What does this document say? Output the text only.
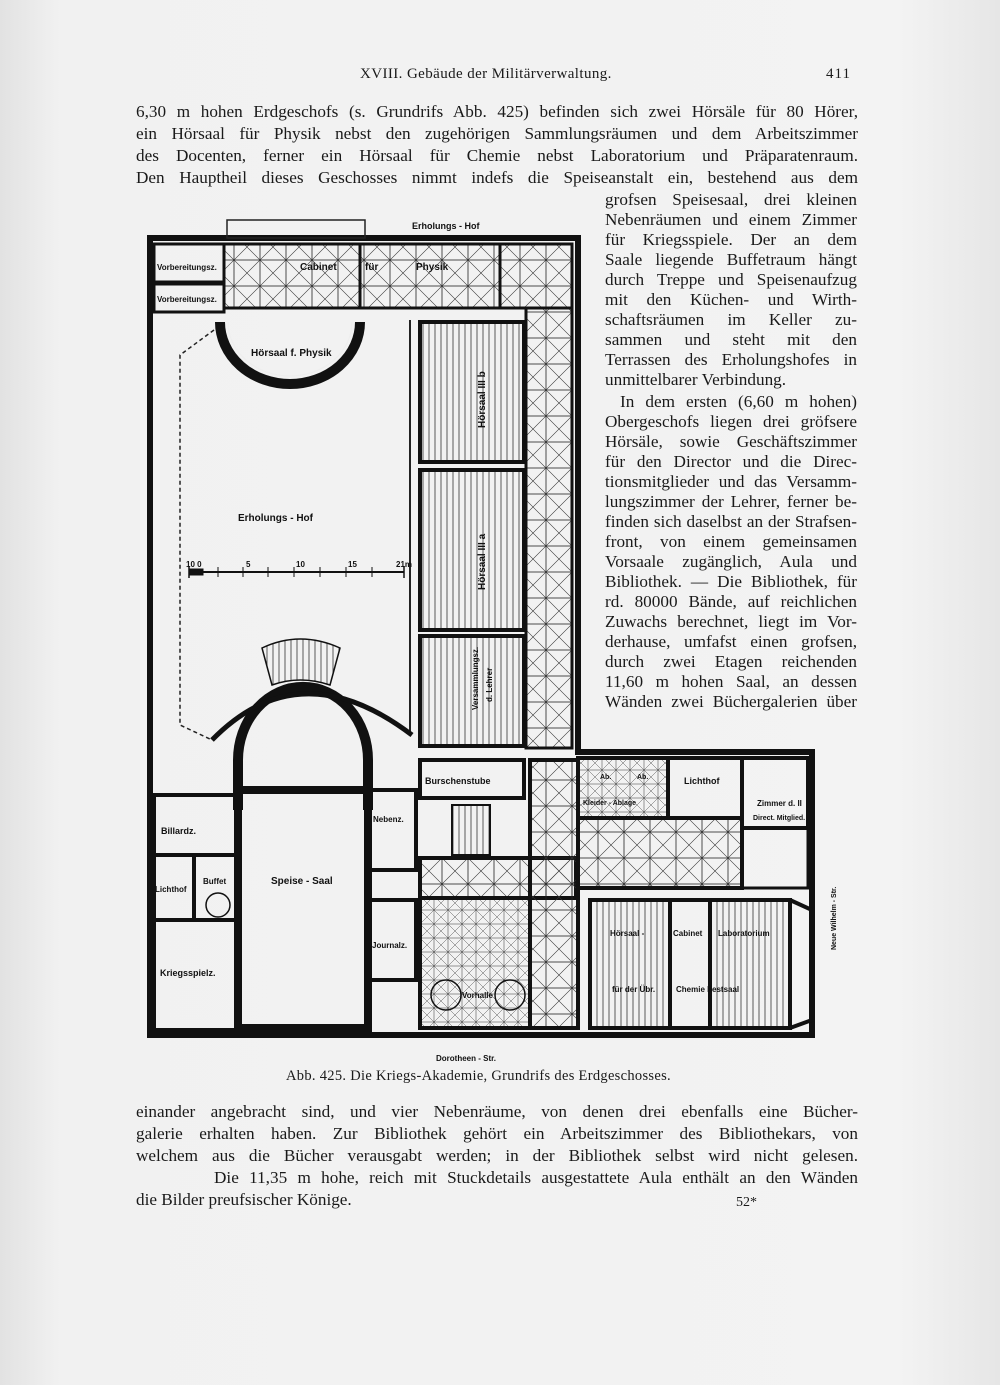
XVIII. Gebäude der Militärverwaltung.	411
6,30 m hohen Erdgeschofs (s. Grundrifs Abb. 425) befinden sich zwei Hörsäle für 80 Hörer,
ein Hörsaal für Physik nebst den zugehörigen Sammlungsräumen und dem Arbeitszimmer
des Docenten, ferner ein Hörsaal für Chemie nebst Laboratorium und Präparatenraum.
Den Hauptheil dieses Geschosses nimmt indefs die Speiseanstalt ein, bestehend aus dem
grofsen Speisesaal, drei kleinen
Nebenräumen und einem Zimmer
für Kriegsspiele. Der an dem
Saale liegende Buffetraum hängt
durch Treppe und Speisenaufzug
mit den Küchen- und Wirth-
schaftsräumen im Keller zu-
sammen und steht mit den
Terrassen des Erholungshofes in
unmittelbarer Verbindung.
In dem ersten (6,60 m hohen)
Obergeschofs liegen drei gröfsere
Hörsäle, sowie Geschäftszimmer
für den Director und die Direc-
tionsmitglieder und das Versamm-
lungszimmer der Lehrer, ferner be-
finden sich daselbst an der Strafsen-
front, von einem gemeinsamen
Vorsaale zugänglich, Aula und
Bibliothek. — Die Bibliothek, für
rd. 80000 Bände, auf reichlichen
Zuwachs berechnet, liegt im Vor-
derhause, umfafst einen grofsen,
durch zwei Etagen reichenden
11,60 m hohen Saal, an dessen
Wänden zwei Büchergalerien über
10 0	5	10	15	21m
Erholungs - Hof
Vorbereitungsz.
Vorbereitungsz.
Cabinet	für	Physik
Hörsaal f. Physik
Hörsaal III b
Erholungs - Hof
Hörsaal III a
Versammlungsz. d. Lehrer
Burschenstube	Ab.	Ab.
Kleider - Ablage
Lichthof
Zimmer d. II
Direct. Mitglied.
Billardz.
Nebenz.
Lichthof
Buffet	Speise - Saal
Journalz.
Kriegsspielz.
Vorhalle
Hörsaal -	Cabinet Laboratorium
für der Übr.	Chemie Festsaal
Dorotheen - Str.
Neue Wilhelm - Str.
Abb. 425. Die Kriegs-Akademie, Grundrifs des Erdgeschosses.
einander angebracht sind, und vier Nebenräume, von denen drei ebenfalls eine Bücher-
galerie erhalten haben. Zur Bibliothek gehört ein Arbeitszimmer des Bibliothekars, von
welchem aus die Bücher verausgabt werden; in der Bibliothek selbst wird nicht gelesen.
Die 11,35 m hohe, reich mit Stuckdetails ausgestattete Aula enthält an den Wänden
die Bilder preufsischer Könige.	52*
